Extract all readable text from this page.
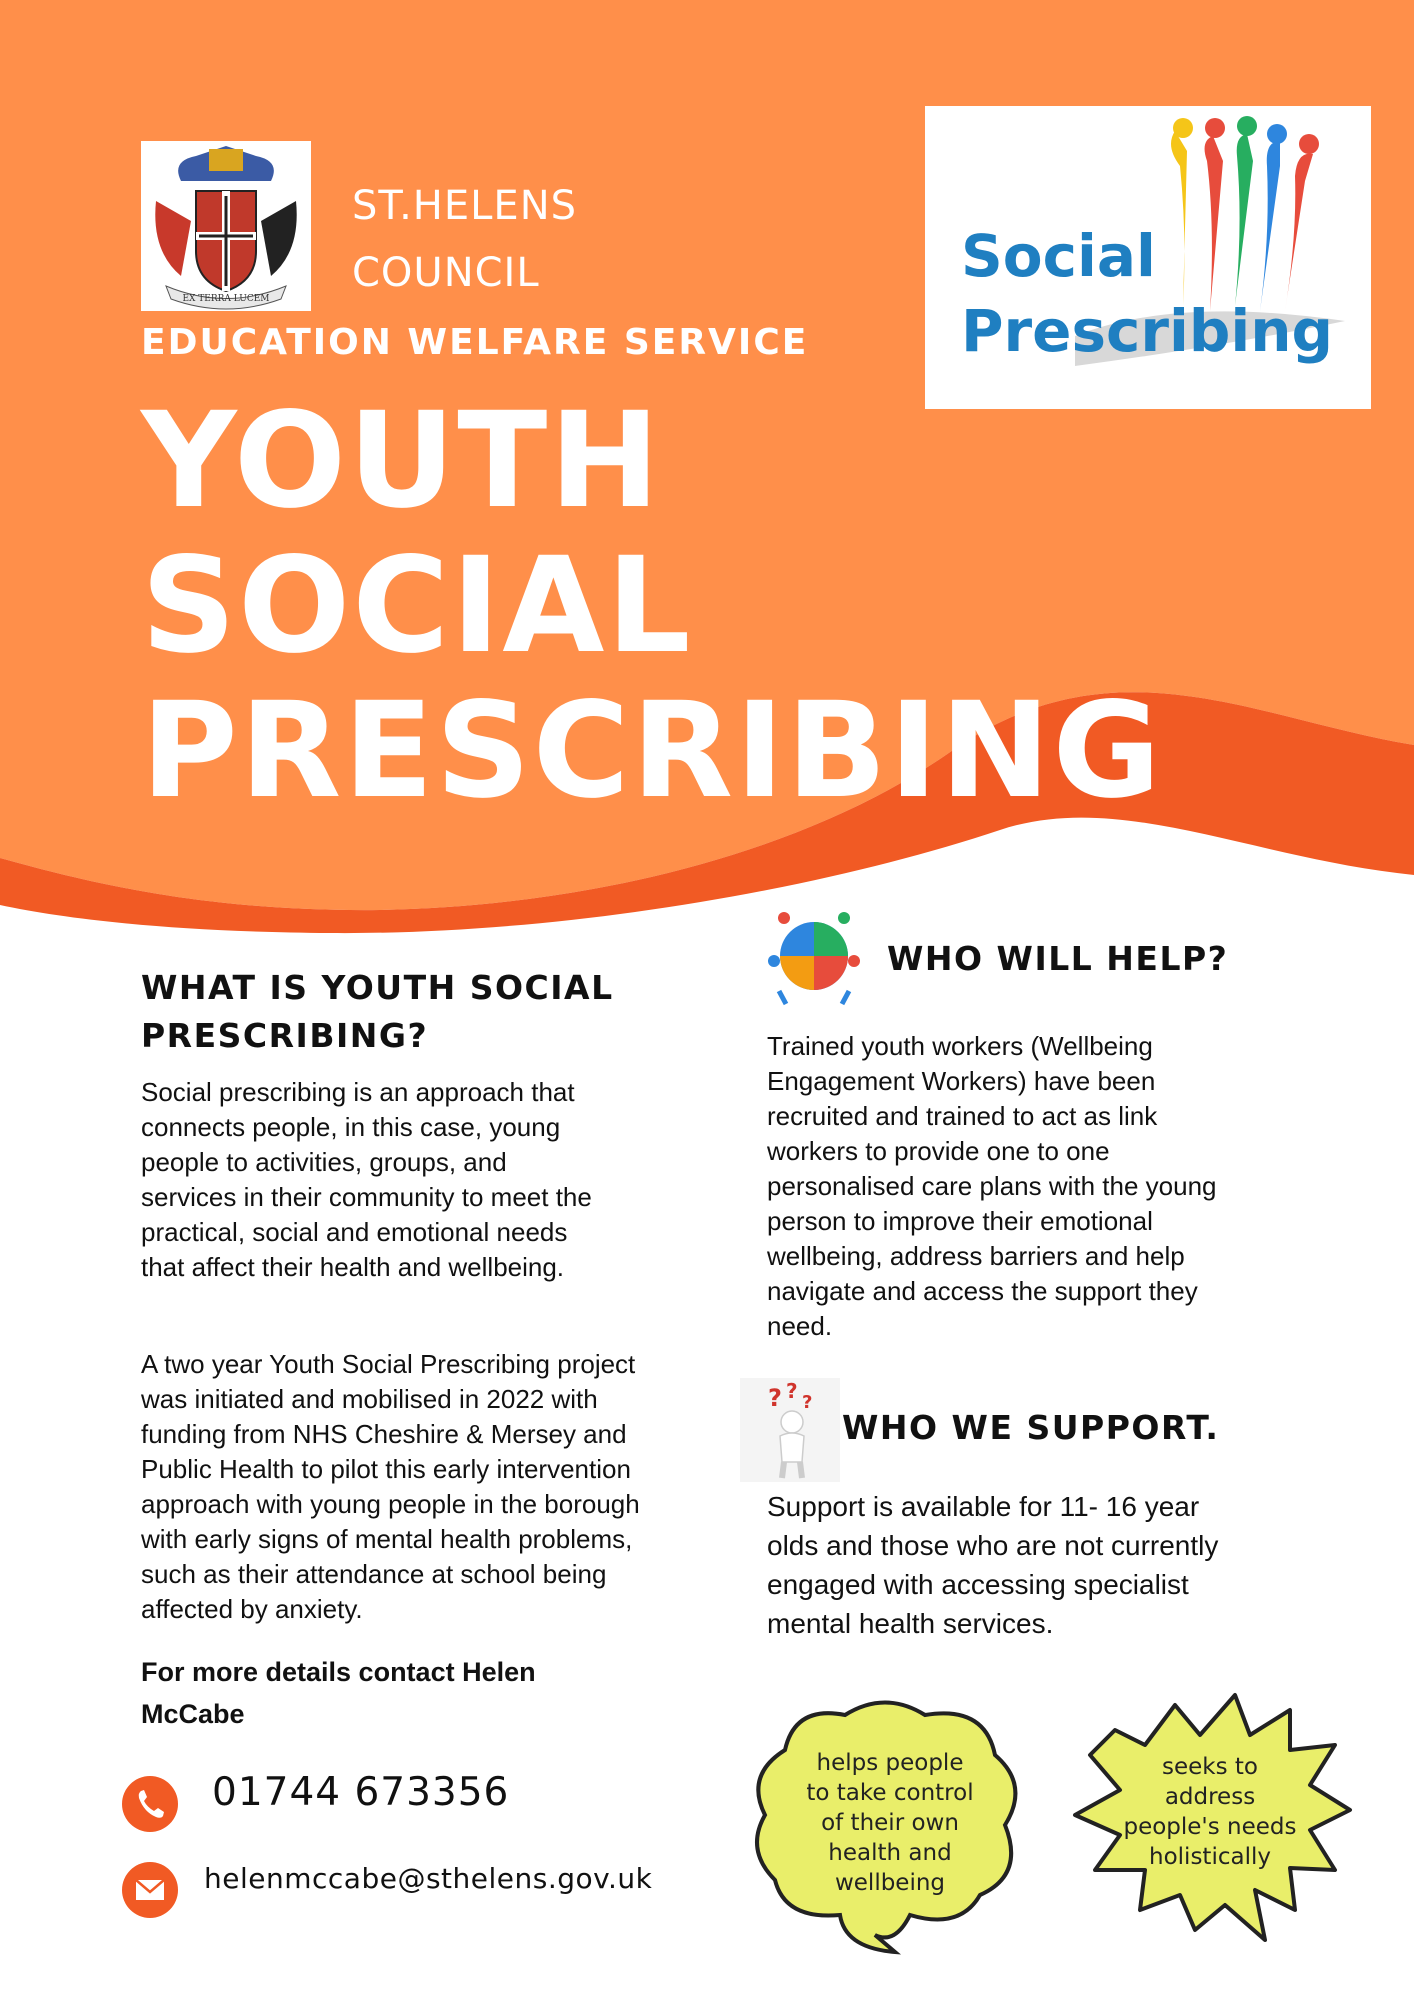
EX TERRA LUCEM
ST.HELENS
COUNCIL
EDUCATION WELFARE SERVICE
YOUTH
SOCIAL
PRESCRIBING
Social
Prescribing
WHAT IS YOUTH SOCIAL
PRESCRIBING?
Social prescribing is an approach that
connects people, in this case, young
people to activities, groups, and
services in their community to meet the
practical, social and emotional needs
that affect their health and wellbeing.
A two year Youth Social Prescribing project
was initiated and mobilised in 2022 with
funding from NHS Cheshire & Mersey and
Public Health to pilot this early intervention
approach with young people in the borough
with early signs of mental health problems,
such as their attendance at school being
affected by anxiety.
For more details contact Helen
McCabe
01744 673356
helenmccabe@sthelens.gov.uk
WHO WILL HELP?
Trained youth workers (Wellbeing
Engagement Workers) have been
recruited and trained to act as link
workers to provide one to one
personalised care plans with the young
person to improve their emotional
wellbeing, address barriers and help
navigate and access the support they
need.
? ? ?
WHO WE SUPPORT.
Support is available for 11- 16 year
olds and those who are not currently
engaged with accessing specialist
mental health services.
helps people
to take control
of their own
health and
wellbeing
seeks to
address
people's needs
holistically
